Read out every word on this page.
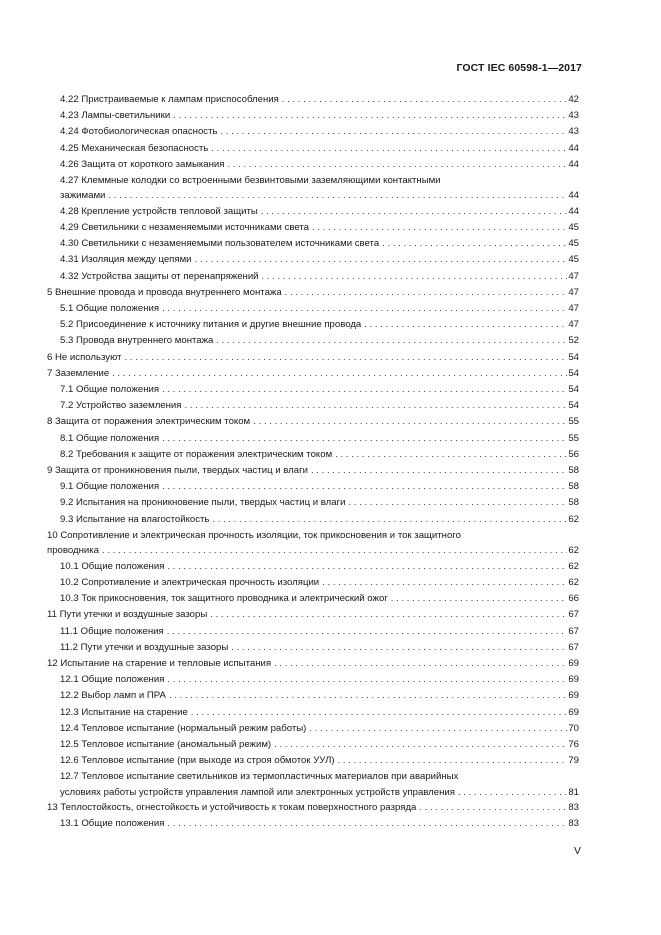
ГОСТ IEC 60598-1—2017
4.22 Пристраиваемые к лампам приспособления . . .	42
4.23 Лампы-светильники . . .	43
4.24 Фотобиологическая опасность . . .	43
4.25 Механическая безопасность . . .	44
4.26 Защита от короткого замыкания . . .	44
4.27 Клеммные колодки со встроенными безвинтовыми заземляющими контактными
зажимами . . .	44
4.28 Крепление устройств тепловой защиты . . .	44
4.29 Светильники с незаменяемыми источниками света . . .	45
4.30 Светильники с незаменяемыми пользователем источниками света . . .	45
4.31 Изоляция между цепями . . .	45
4.32 Устройства защиты от перенапряжений . . .	47
5 Внешние провода и провода внутреннего монтажа . . .	47
5.1 Общие положения . . .	47
5.2 Присоединение к источнику питания и другие внешние провода . . .	47
5.3 Провода внутреннего монтажа . . .	52
6 Не используют . . .	54
7 Заземление . . .	54
7.1 Общие положения . . .	54
7.2 Устройство заземления . . .	54
8 Защита от поражения электрическим током . . .	55
8.1 Общие положения . . .	55
8.2 Требования к защите от поражения электрическим током . . .	56
9 Защита от проникновения пыли, твердых частиц и влаги . . .	58
9.1 Общие положения . . .	58
9.2 Испытания на проникновение пыли, твердых частиц и влаги . . .	58
9.3 Испытание на влагостойкость . . .	62
10 Сопротивление и электрическая прочность изоляции, ток прикосновения и ток защитного
проводника . . .	62
10.1 Общие положения . . .	62
10.2 Сопротивление и электрическая прочность изоляции . . .	62
10.3 Ток прикосновения, ток защитного проводника и электрический ожог . . .	66
11 Пути утечки и воздушные зазоры . . .	67
11.1 Общие положения . . .	67
11.2 Пути утечки и воздушные зазоры . . .	67
12 Испытание на старение и тепловые испытания . . .	69
12.1 Общие положения . . .	69
12.2 Выбор ламп и ПРА . . .	69
12.3 Испытание на старение . . .	69
12.4 Тепловое испытание (нормальный режим работы) . . .	70
12.5 Тепловое испытание (аномальный режим) . . .	76
12.6 Тепловое испытание (при выходе из строя обмоток УУЛ) . . .	79
12.7 Тепловое испытание светильников из термопластичных материалов при аварийных
условиях работы устройств управления лампой или электронных устройств управления . . .	81
13 Теплостойкость, огнестойкость и устойчивость к токам поверхностного разряда . . .	83
13.1 Общие положения . . .	83
V
